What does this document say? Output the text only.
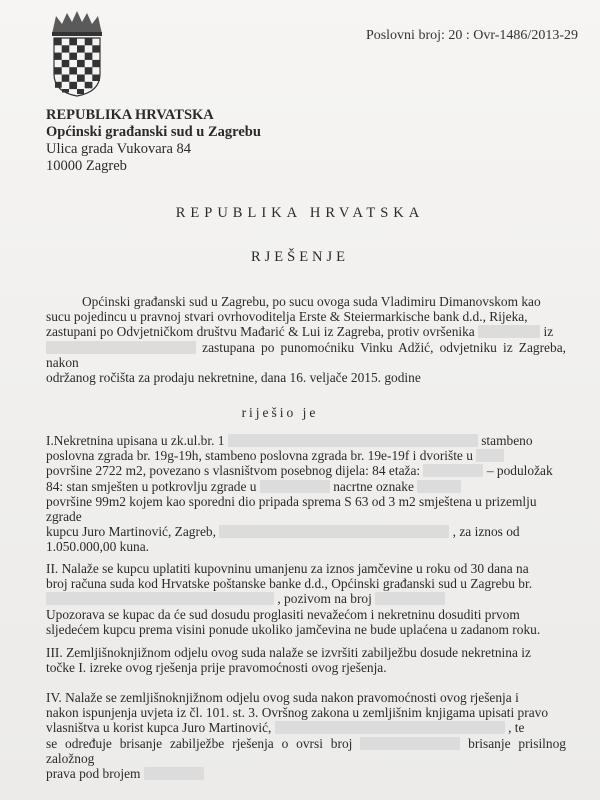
Poslovni broj: 20 : Ovr-1486/2013-29
REPUBLIKA HRVATSKA
Općinski građanski sud u Zagrebu
Ulica grada Vukovara 84
10000 Zagreb
REPUBLIKA HRVATSKA
RJEŠENJE
Općinski građanski sud u Zagrebu, po sucu ovoga suda Vladimiru Dimanovskom kao
sucu pojedincu u pravnoj stvari ovrhovoditelja Erste & Steiermarkische bank d.d., Rijeka,
zastupani po Odvjetničkom društvu Mađarić & Lui iz Zagreba, protiv ovršenika	iz
zastupana po punomoćniku Vinku Adžić, odvjetniku iz Zagreba, nakon
održanog ročišta za prodaju nekretnine, dana 16. veljače 2015. godine
riješio je
I.Nekretnina upisana u zk.ul.br. 1	stambeno
poslovna zgrada br. 19g-19h, stambeno poslovna zgrada br. 19e-19f i dvorište u
površine 2722 m2, povezano s vlasništvom posebnog dijela: 84 etaža:	– poduložak
84: stan smješten u potkrovlju zgrade u	nacrtne oznake
površine 99m2 kojem kao sporedni dio pripada sprema S 63 od 3 m2 smještena u prizemlju
zgrade
kupcu Juro Martinović, Zagreb,	, za iznos od
1.050.000,00 kuna.
II. Nalaže se kupcu uplatiti kupovninu umanjenu za iznos jamčevine u roku od 30 dana na
broj računa suda kod Hrvatske poštanske banke d.d., Općinski građanski sud u Zagrebu br.
, pozivom na broj
Upozorava se kupac da će sud dosudu proglasiti nevažećom i nekretninu dosuditi prvom
sljedećem kupcu prema visini ponude ukoliko jamčevina ne bude uplaćena u zadanom roku.
III. Zemljišnoknjižnom odjelu ovog suda nalaže se izvršiti zabilježbu dosude nekretnina iz
točke I. izreke ovog rješenja prije pravomoćnosti ovog rješenja.
IV. Nalaže se zemljišnoknjižnom odjelu ovog suda nakon pravomoćnosti ovog rješenja i
nakon ispunjenja uvjeta iz čl. 101. st. 3. Ovršnog zakona u zemljišnim knjigama upisati pravo
vlasništva u korist kupca Juro Martinović,	, te
se određuje brisanje zabilježbe rješenja o ovrsi broj	brisanje prisilnog založnog
prava pod brojem
